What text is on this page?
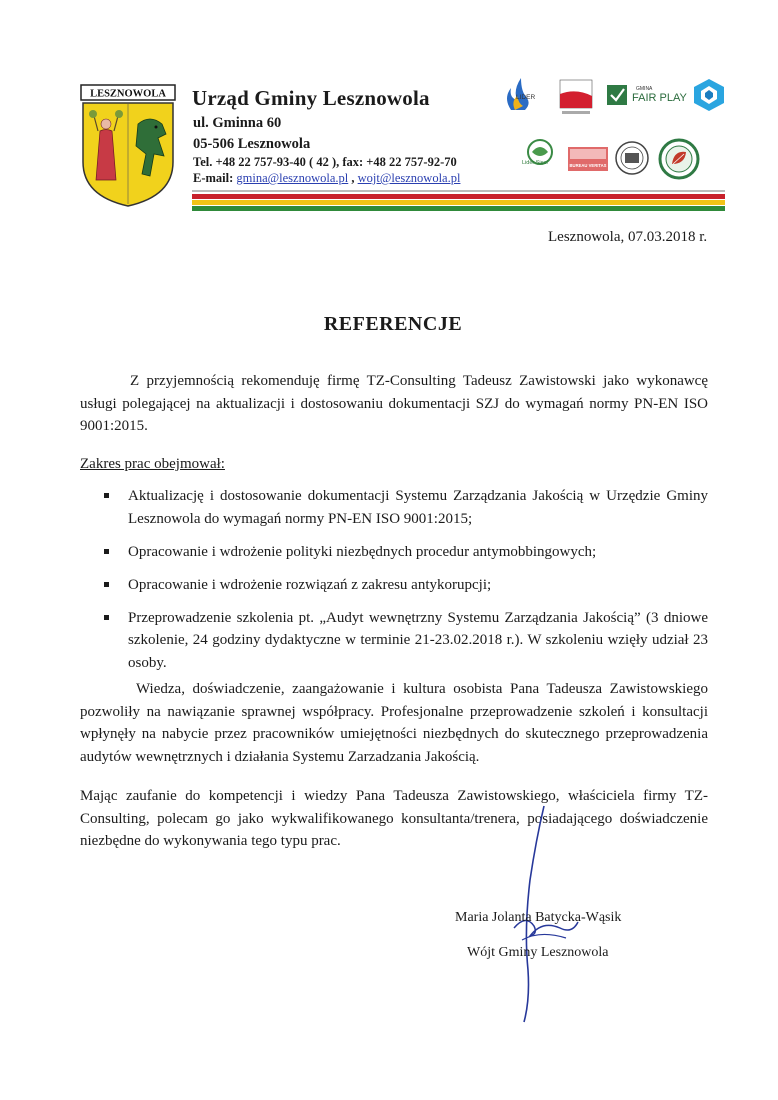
LESZNOWOLA Urząd Gminy Lesznowola
ul. Gminna 60
05-506 Lesznowola
Tel. +48 22 757-93-40 ( 42 ), fax: +48 22 757-92-70
E-mail: gmina@lesznowola.pl , wojt@lesznowola.pl
LIDER
GMINA
FAIR PLAY
Lider Sieci	BUREAU VERITAS
Lesznowola, 07.03.2018 r.
REFERENCJE
Z przyjemnością rekomenduję firmę TZ-Consulting Tadeusz Zawistowski jako wykonawcę usługi polegającej na aktualizacji i dostosowaniu dokumentacji SZJ do wymagań normy PN-EN ISO 9001:2015.
Zakres prac obejmował:
Aktualizację i dostosowanie dokumentacji Systemu Zarządzania Jakością w Urzędzie Gminy Lesznowola do wymagań normy PN-EN ISO 9001:2015;
Opracowanie i wdrożenie polityki niezbędnych procedur antymobbingowych;
Opracowanie i wdrożenie rozwiązań z zakresu antykorupcji;
Przeprowadzenie szkolenia pt. „Audyt wewnętrzny Systemu Zarządzania Jakością” (3 dniowe szkolenie, 24 godziny dydaktyczne w terminie 21-23.02.2018 r.). W szkoleniu wzięły udział 23 osoby.
Wiedza, doświadczenie, zaangażowanie i kultura osobista Pana Tadeusza Zawistowskiego pozwoliły na nawiązanie sprawnej współpracy. Profesjonalne przeprowadzenie szkoleń i konsultacji wpłynęły na nabycie przez pracowników umiejętności niezbędnych do skutecznego przeprowadzenia audytów wewnętrznych i działania Systemu Zarzadzania Jakością.
Mając zaufanie do kompetencji i wiedzy Pana Tadeusza Zawistowskiego, właściciela firmy TZ-Consulting, polecam go jako wykwalifikowanego konsultanta/trenera, posiadającego doświadczenie niezbędne do wykonywania tego typu prac.
Maria Jolanta Batycka-Wąsik
Wójt Gminy Lesznowola
